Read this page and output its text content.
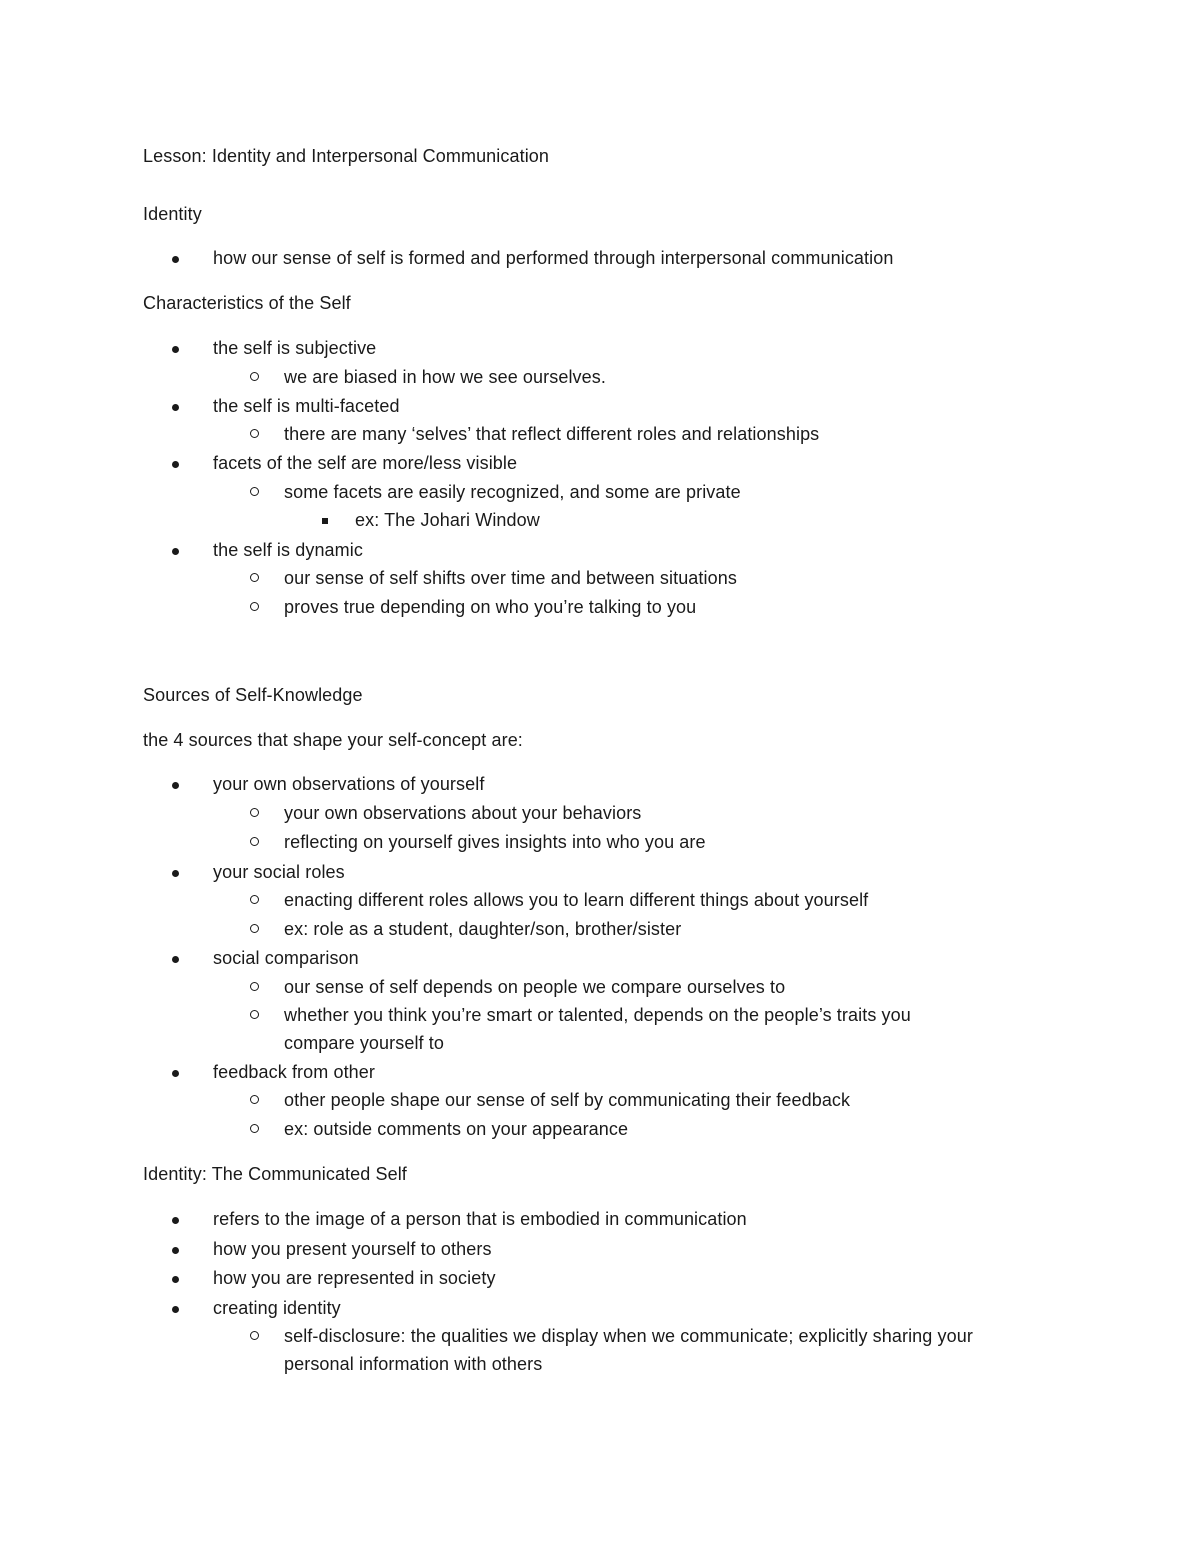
Lesson: Identity and Interpersonal Communication
Identity
how our sense of self is formed and performed through interpersonal communication
Characteristics of the Self
the self is subjective
we are biased in how we see ourselves.
the self is multi-faceted
there are many ‘selves’ that reflect different roles and relationships
facets of the self are more/less visible
some facets are easily recognized, and some are private
ex: The Johari Window
the self is dynamic
our sense of self shifts over time and between situations
proves true depending on who you’re talking to you
Sources of Self-Knowledge
the 4 sources that shape your self-concept are:
your own observations of yourself
your own observations about your behaviors
reflecting on yourself gives insights into who you are
your social roles
enacting different roles allows you to learn different things about yourself
ex: role as a student, daughter/son, brother/sister
social comparison
our sense of self depends on people we compare ourselves to
whether you think you’re smart or talented, depends on the people’s traits you
compare yourself to
feedback from other
other people shape our sense of self by communicating their feedback
ex: outside comments on your appearance
Identity: The Communicated Self
refers to the image of a person that is embodied in communication
how you present yourself to others
how you are represented in society
creating identity
self-disclosure: the qualities we display when we communicate; explicitly sharing your
personal information with others
